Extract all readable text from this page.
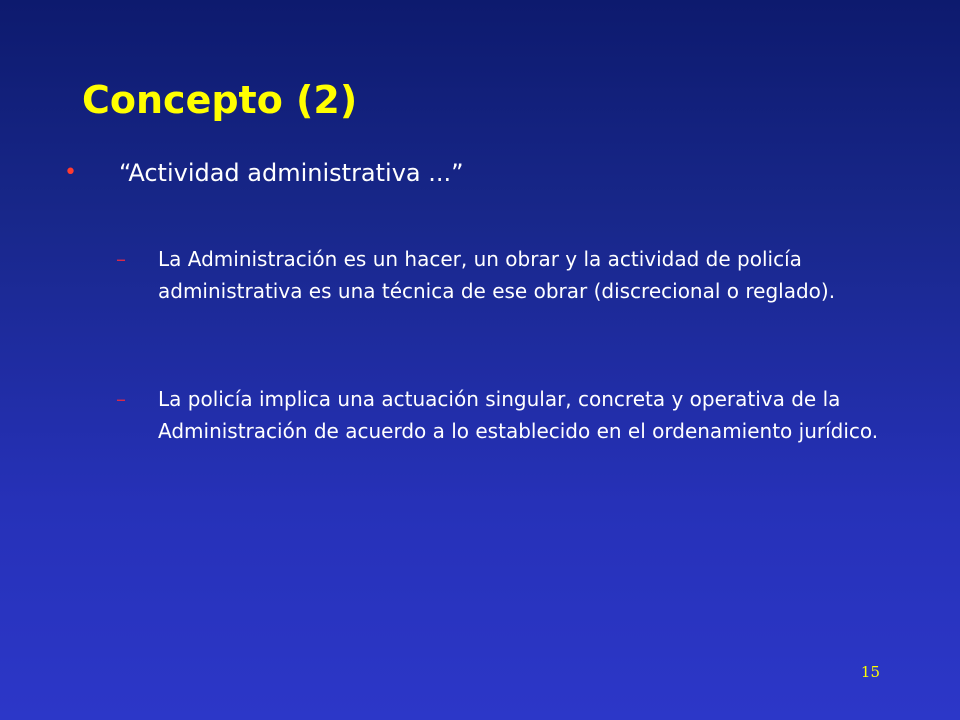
Concepto (2)
• “Actividad administrativa ...”
– La Administración es un hacer, un obrar y la actividad de policía administrativa es una técnica de ese obrar (discrecional o reglado).
– La policía implica una actuación singular, concreta y operativa de la Administración de acuerdo a lo establecido en el ordenamiento jurídico.
15
